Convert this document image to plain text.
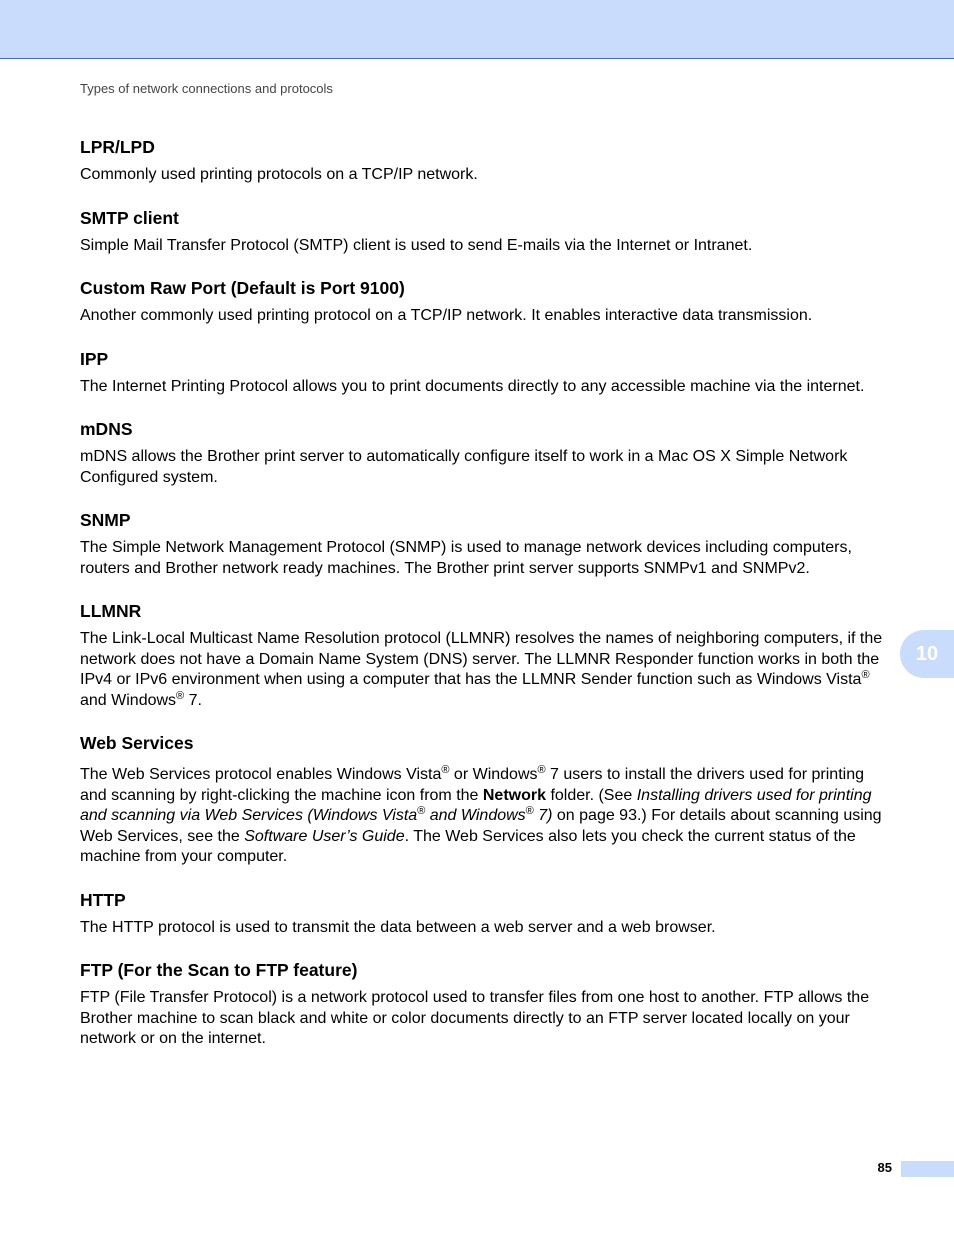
Types of network connections and protocols
LPR/LPD

Commonly used printing protocols on a TCP/IP network.

SMTP client

Simple Mail Transfer Protocol (SMTP) client is used to send E-mails via the Internet or Intranet.

Custom Raw Port (Default is Port 9100)

Another commonly used printing protocol on a TCP/IP network. It enables interactive data transmission.

IPP

The Internet Printing Protocol allows you to print documents directly to any accessible machine via the internet.

mDNS

mDNS allows the Brother print server to automatically configure itself to work in a Mac OS X Simple Network Configured system.

SNMP

The Simple Network Management Protocol (SNMP) is used to manage network devices including computers, routers and Brother network ready machines. The Brother print server supports SNMPv1 and SNMPv2.

LLMNR

The Link-Local Multicast Name Resolution protocol (LLMNR) resolves the names of neighboring computers, if the network does not have a Domain Name System (DNS) server. The LLMNR Responder function works in both the IPv4 or IPv6 environment when using a computer that has the LLMNR Sender function such as Windows Vista® and Windows® 7.

Web Services

The Web Services protocol enables Windows Vista® or Windows® 7 users to install the drivers used for printing and scanning by right-clicking the machine icon from the Network folder. (See Installing drivers used for printing and scanning via Web Services (Windows Vista® and Windows® 7) on page 93.) For details about scanning using Web Services, see the Software User’s Guide. The Web Services also lets you check the current status of the machine from your computer.

HTTP

The HTTP protocol is used to transmit the data between a web server and a web browser.

FTP (For the Scan to FTP feature)

FTP (File Transfer Protocol) is a network protocol used to transfer files from one host to another. FTP allows the Brother machine to scan black and white or color documents directly to an FTP server located locally on your network or on the internet.

10
85
